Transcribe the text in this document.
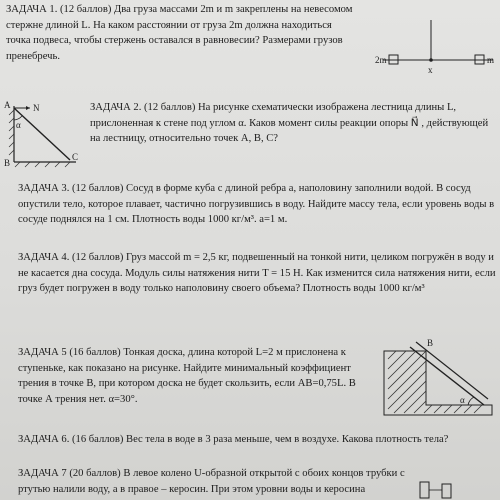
ЗАДАЧА 1. (12 баллов) Два груза массами 2m и m закреплены на невесомом стержне длиной L. На каком расстоянии от груза 2m должна находиться точка подвеса, чтобы стержень оставался в равновесии? Размерами грузов пренебречь.	2m	m
x
A
B
C
N
α

ЗАДАЧА 2. (12 баллов) На рисунке схематически изображена лестница длины L, прислоненная к стене под углом α. Каков момент силы реакции опоры N⃗ , действующей на лестницу, относительно точек А, В, С?

ЗАДАЧА 3. (12 баллов) Сосуд в форме куба с длиной ребра a, наполовину заполнили водой. В сосуд опустили тело, которое плавает, частично погрузившись в воду. Найдите массу тела, если уровень воды в сосуде поднялся на 1 см. Плотность воды 1000 кг/м³. a=1 м.

ЗАДАЧА 4. (12 баллов) Груз массой m = 2,5 кг, подвешенный на тонкой нити, целиком погружён в воду и не касается дна сосуда. Модуль силы натяжения нити T = 15 Н. Как изменится сила натяжения нити, если груз будет погружен в воду только наполовину своего объема? Плотность воды 1000 кг/м³

ЗАДАЧА 5 (16 баллов) Тонкая доска, длина которой L=2 м прислонена к ступеньке, как показано на рисунке. Найдите минимальный коэффициент трения в точке В, при котором доска не будет скользить, если АВ=0,75L. В точке А трения нет. α=30°.

B
α

ЗАДАЧА 6. (16 баллов) Вес тела в воде в 3 раза меньше, чем в воздухе. Какова плотность тела?

ЗАДАЧА 7 (20 баллов) В левое колено U-образной открытой с обоих концов трубки с ртутью налили воду, а в правое – керосин. При этом уровни воды и керосина
